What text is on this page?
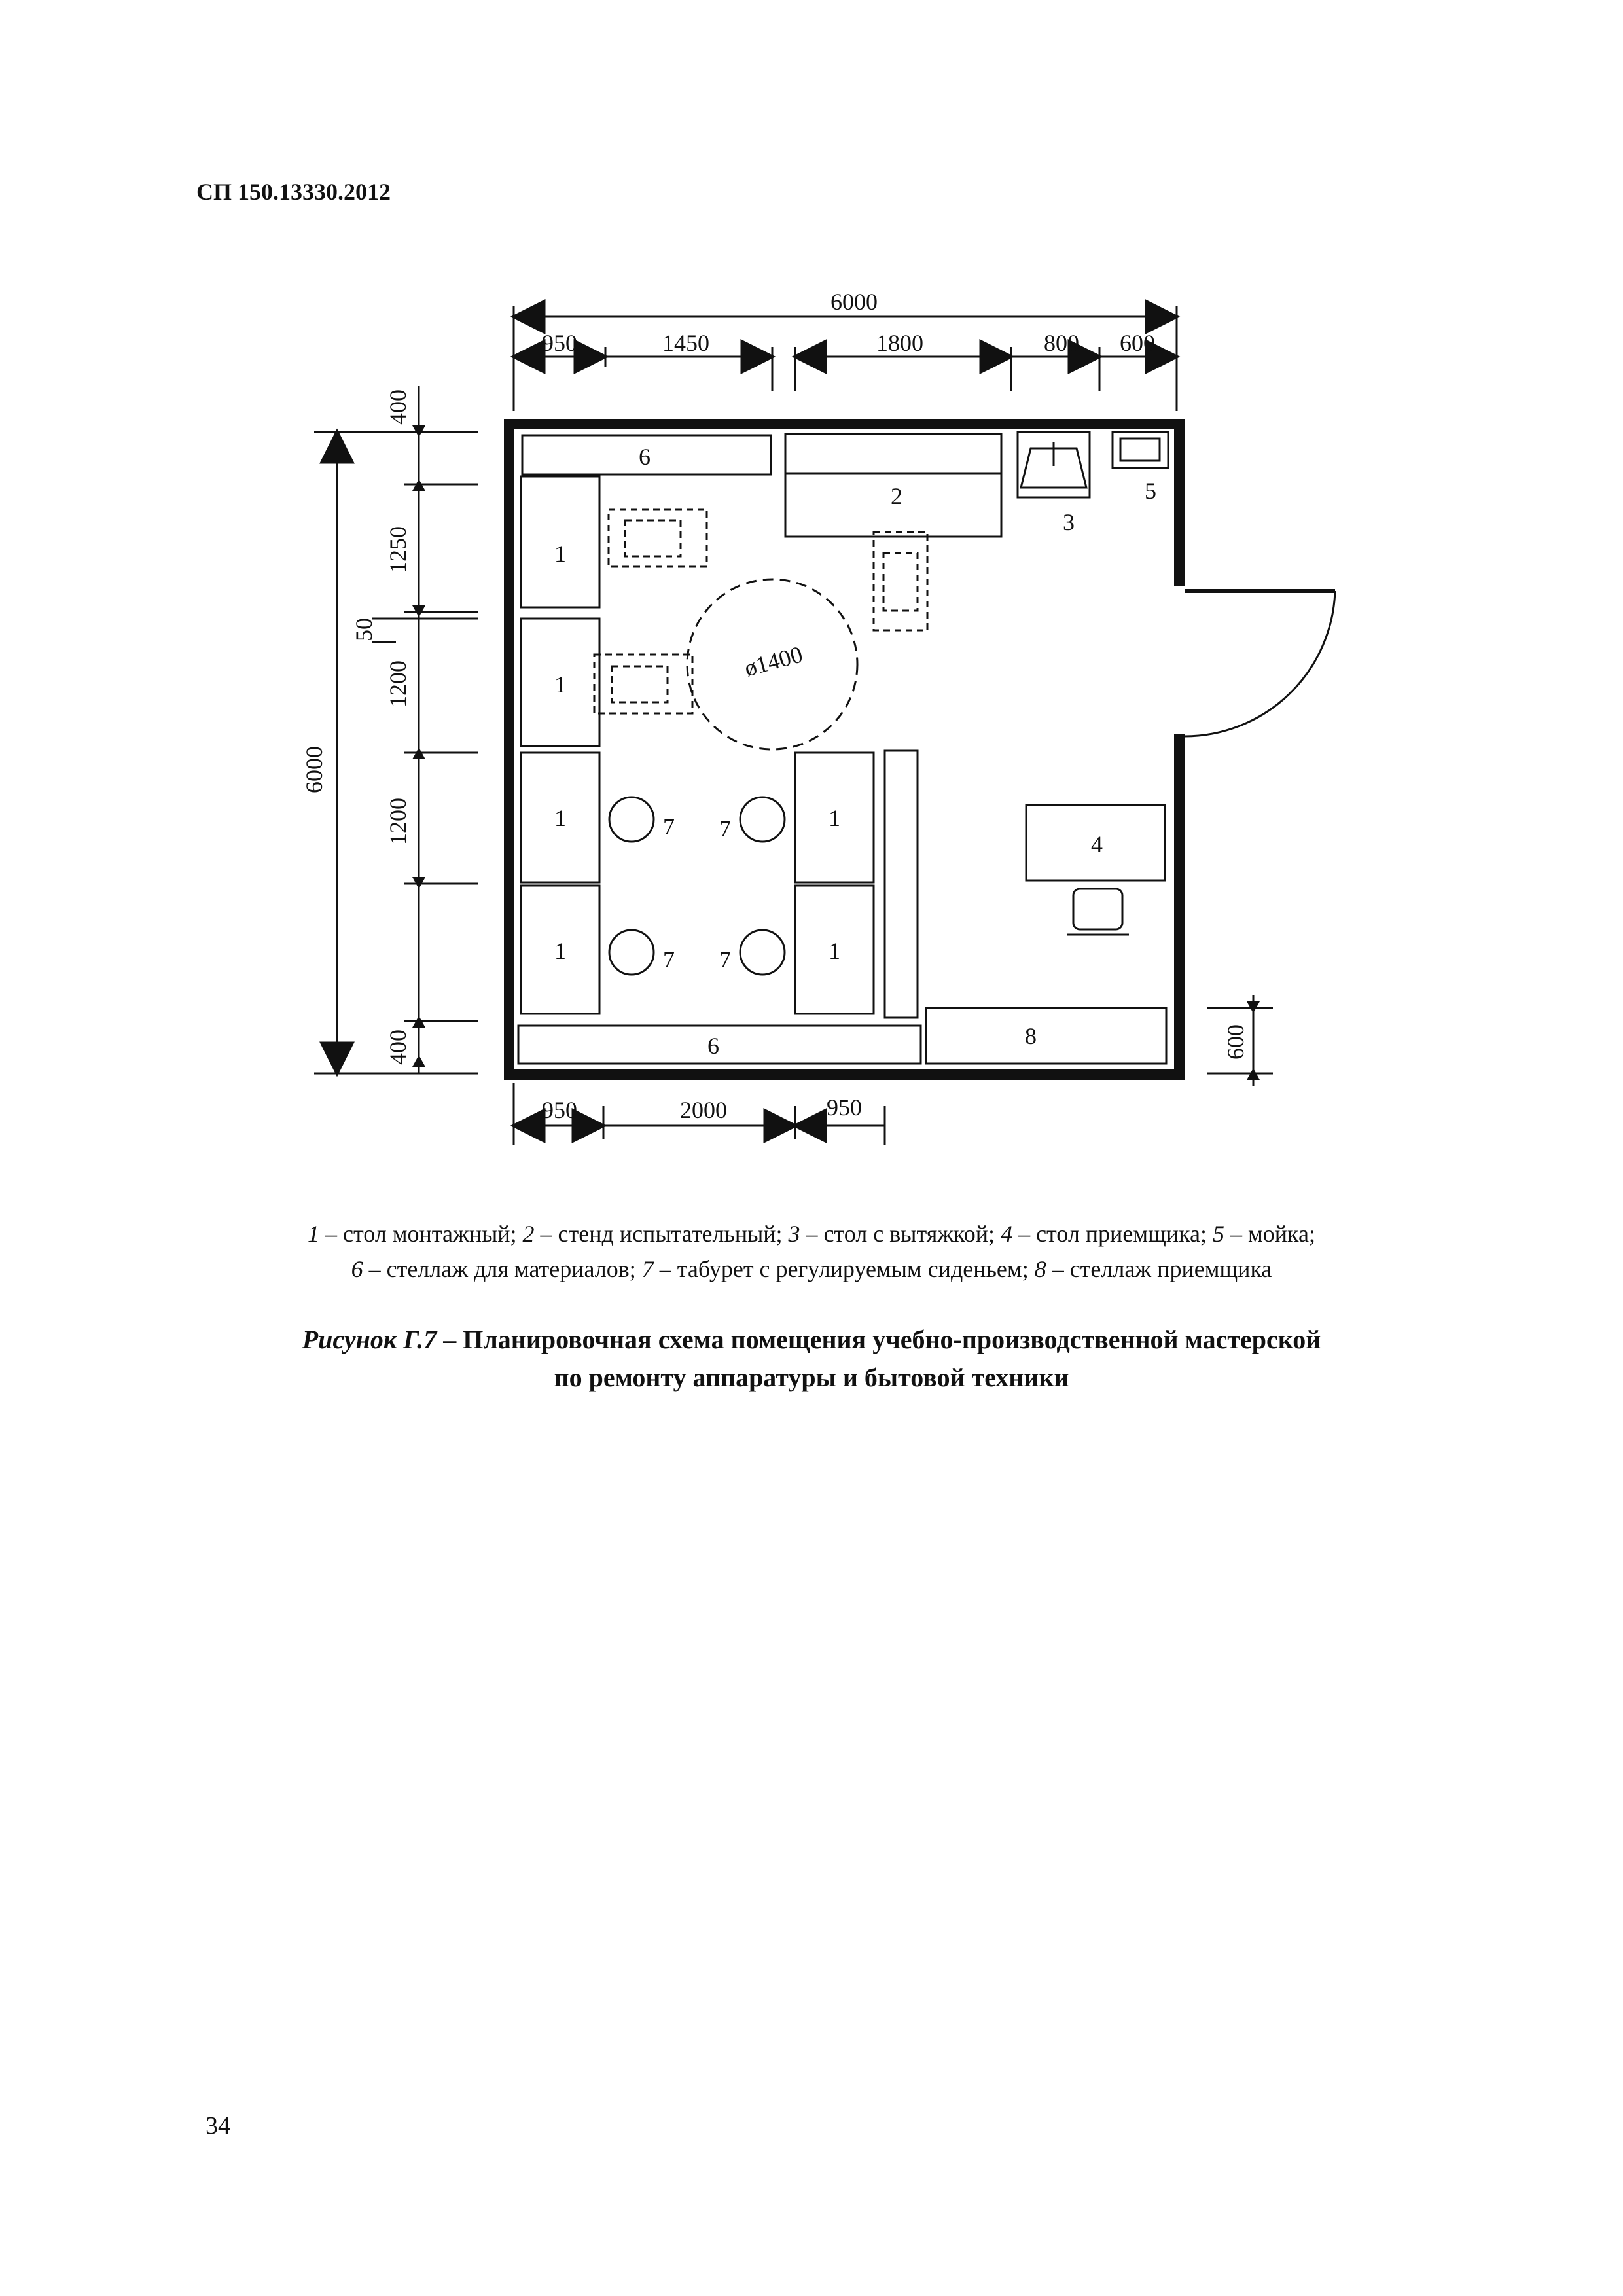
СП 150.13330.2012
6000
950	1450	1800	800 600
6000
400
1250
50
1200
1200
400
6
2
3
5
1
1
1
1
1
1
7 7
7 7
4
6	8
ø1400
950	2000	950
600
1 – стол монтажный; 2 – стенд испытательный; 3 – стол с вытяжкой; 4 – стол приемщика; 5 – мойка;
6 – стеллаж для материалов; 7 – табурет с регулируемым сиденьем; 8 – стеллаж приемщика
Рисунок Г.7 – Планировочная схема помещения учебно-производственной мастерской
по ремонту аппаратуры и бытовой техники
34
